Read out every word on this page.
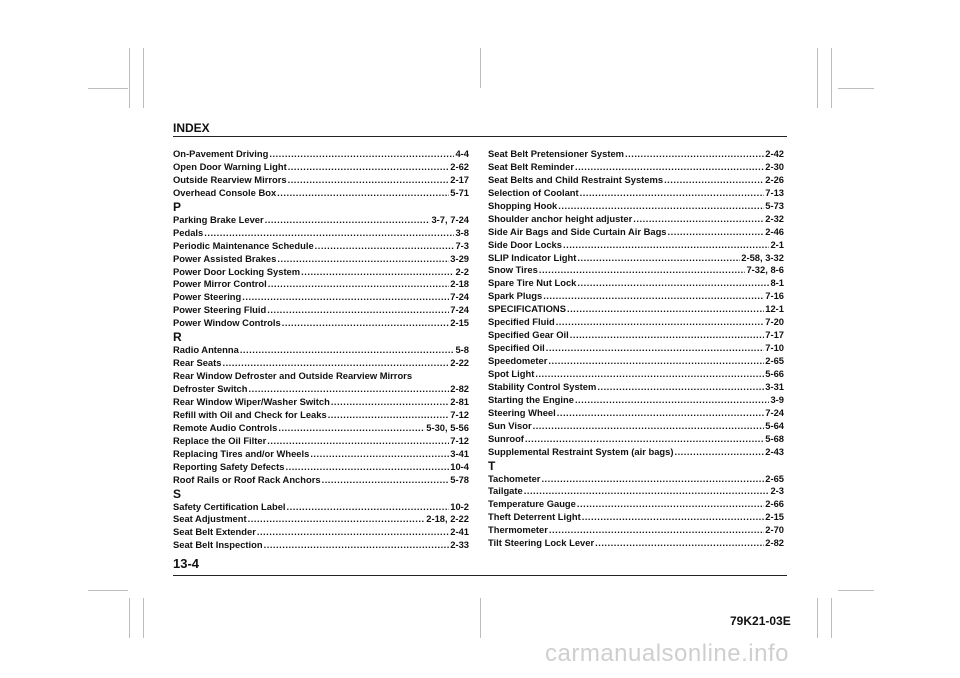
INDEX
On-Pavement Driving .....	4-4
Open Door Warning Light .....	2-62
Outside Rearview Mirrors .....	2-17
Overhead Console Box .....	5-71
P
Parking Brake Lever .....	3-7, 7-24
Pedals .....	3-8
Periodic Maintenance Schedule .....	7-3
Power Assisted Brakes .....	3-29
Power Door Locking System .....	2-2
Power Mirror Control .....	2-18
Power Steering .....	7-24
Power Steering Fluid .....	7-24
Power Window Controls .....	2-15
R
Radio Antenna .....	5-8
Rear Seats .....	2-22
Rear Window Defroster and Outside Rearview Mirrors
Defroster Switch .....	2-82
Rear Window Wiper/Washer Switch .....	2-81
Refill with Oil and Check for Leaks .....	7-12
Remote Audio Controls .....	5-30, 5-56
Replace the Oil Filter .....	7-12
Replacing Tires and/or Wheels .....	3-41
Reporting Safety Defects .....	10-4
Roof Rails or Roof Rack Anchors .....	5-78
S
Safety Certification Label .....	10-2
Seat Adjustment .....	2-18, 2-22
Seat Belt Extender .....	2-41
Seat Belt Inspection .....	2-33
Seat Belt Pretensioner System .....	2-42
Seat Belt Reminder .....	2-30
Seat Belts and Child Restraint Systems .....	2-26
Selection of Coolant .....	7-13
Shopping Hook .....	5-73
Shoulder anchor height adjuster .....	2-32
Side Air Bags and Side Curtain Air Bags .....	2-46
Side Door Locks .....	2-1
SLIP Indicator Light .....	2-58, 3-32
Snow Tires .....	7-32, 8-6
Spare Tire Nut Lock .....	8-1
Spark Plugs .....	7-16
SPECIFICATIONS .....	12-1
Specified Fluid .....	7-20
Specified Gear Oil .....	7-17
Specified Oil .....	7-10
Speedometer .....	2-65
Spot Light .....	5-66
Stability Control System .....	3-31
Starting the Engine .....	3-9
Steering Wheel .....	7-24
Sun Visor .....	5-64
Sunroof .....	5-68
Supplemental Restraint System (air bags) .....	2-43
T
Tachometer .....	2-65
Tailgate .....	2-3
Temperature Gauge .....	2-66
Theft Deterrent Light .....	2-15
Thermometer .....	2-70
Tilt Steering Lock Lever .....	2-82
13-4
79K21-03E
carmanualsonline.info
